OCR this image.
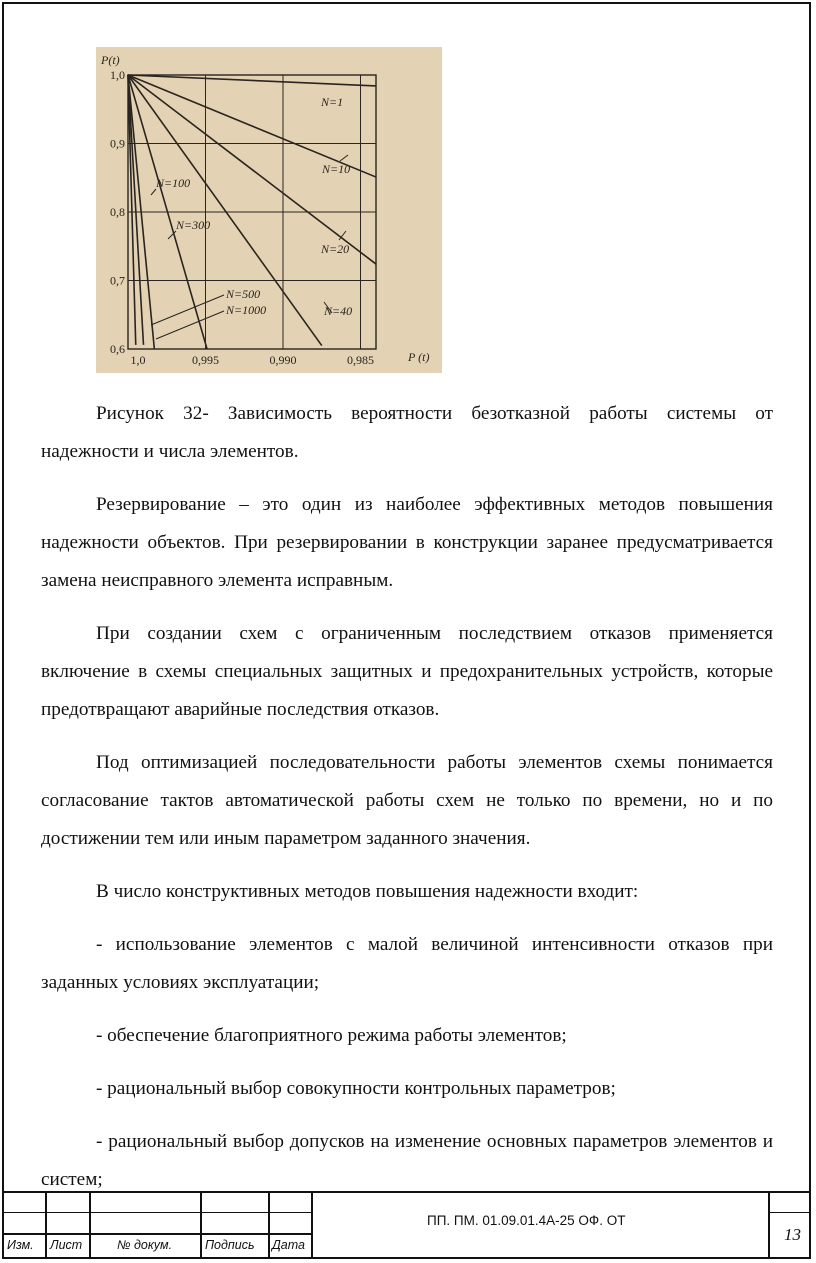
1,0
0,9
0,8
0,7
0,6
1,0	0,995	0,990	0,985
P(t)
P (t)
N=1
N=10
N=20
N=40
N=100
N=300
N=500
N=1000

Рисунок 32- Зависимость вероятности безотказной работы системы от надежности и числа элементов.

Резервирование – это один из наиболее эффективных методов повышения надежности объектов. При резервировании в конструкции заранее предусматривается замена неисправного элемента исправным.

При создании схем с ограниченным последствием отказов применяется включение в схемы специальных защитных и предохранительных устройств, которые предотвращают аварийные последствия отказов.

Под оптимизацией последовательности работы элементов схемы понимается согласование тактов автоматической работы схем не только по времени, но и по достижении тем или иным параметром заданного значения.

В число конструктивных методов повышения надежности входит:

- использование элементов с малой величиной интенсивности отказов при заданных условиях эксплуатации;

- обеспечение благоприятного режима работы элементов;

- рациональный выбор совокупности контрольных параметров;

- рациональный выбор допусков на изменение основных параметров элементов и систем;

Изм. Лист	№ докум.	Подпись Дата
ПП. ПМ. 01.09.01.4А-25 ОФ. ОТ
13
